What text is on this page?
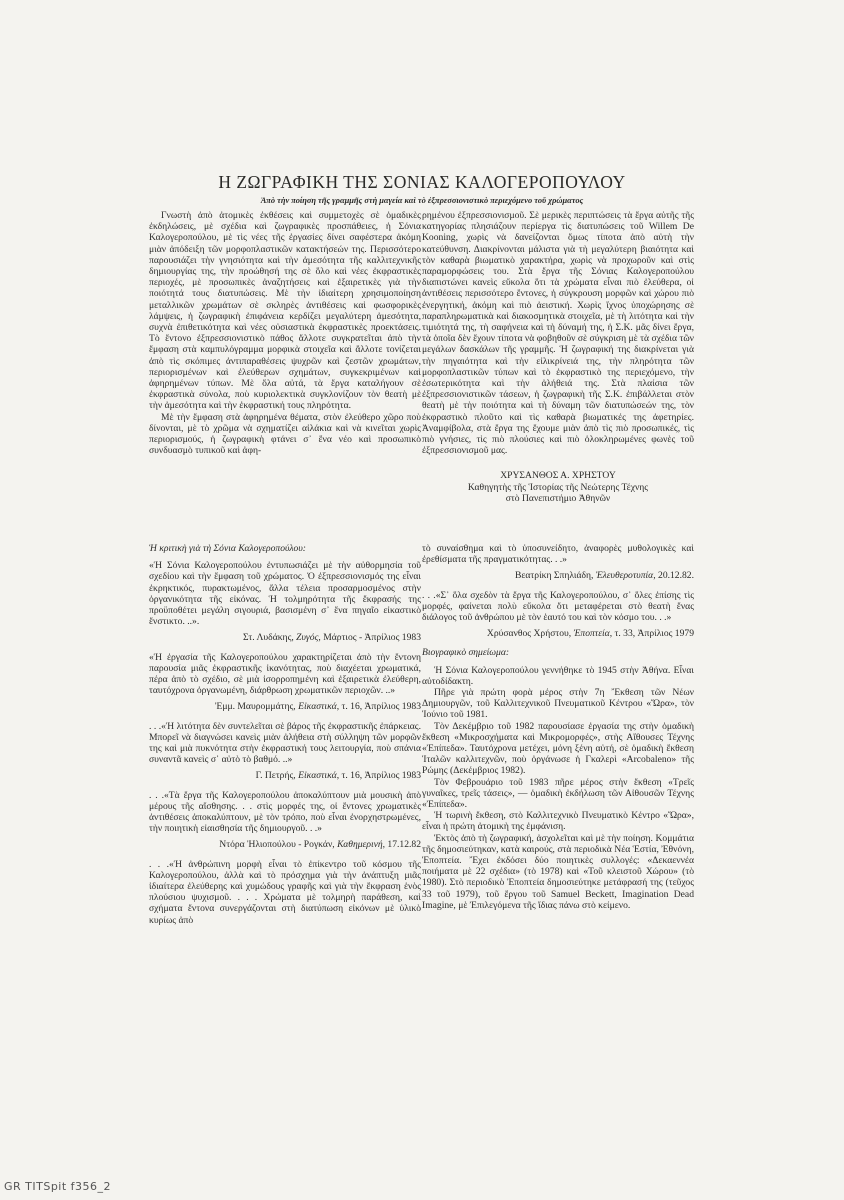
Η ΖΩΓΡΑΦΙΚΗ ΤΗΣ ΣΟΝΙΑΣ ΚΑΛΟΓΕΡΟΠΟΥΛΟΥ
Ἀπὸ τὴν ποίηση τῆς γραμμῆς στὴ μαγεία καὶ τὸ ἐξπρεσσιονιστικὸ περιεχόμενο τοῦ χρώματος

Γνωστὴ ἀπὸ ἀτομικὲς ἐκθέσεις καὶ συμμετοχὲς σὲ ὁμαδικὲς ἐκδηλώσεις, μὲ σχέδια καὶ ζωγραφικὲς προσπάθειες, ἡ Σόνια Καλογεροπούλου, μὲ τὶς νέες τῆς ἐργασίες δίνει σαφέστερα ἀκόμη μιὰν ἀπόδειξη τῶν μορφοπλαστικῶν κατακτήσεών της. Περισσότερο παρουσιάζει τὴν γνησιότητα καὶ τὴν ἀμεσότητα τῆς καλλιτεχνικῆς δημιουργίας της, τὴν προώθησή της σὲ ὅλο καὶ νέες ἐκφραστικὲς περιοχές, μὲ προσωπικὲς ἀναζητήσεις καὶ ἐξαιρετικὲς γιὰ τὴν ποιότητά τους διατυπώσεις. Μὲ τὴν ἰδιαίτερη χρησιμοποίηση μεταλλικῶν χρωμάτων σὲ σκληρὲς ἀντιθέσεις καὶ φωσφορικὲς λάμψεις, ἡ ζωγραφικὴ ἐπιφάνεια κερδίζει μεγαλύτερη ἀμεσότητα, συχνὰ ἐπιθετικότητα καὶ νέες οὐσιαστικὰ ἐκφραστικὲς προεκτάσεις. Τὸ ἔντονο ἐξπρεσσιονιστικὸ πάθος ἄλλοτε συγκρατεῖται ἀπὸ τὴν ἔμφαση στὰ καμπυλόγραμμα μορφικὰ στοιχεῖα καὶ ἄλλοτε τονίζεται ἀπὸ τὶς σκόπιμες ἀντιπαραθέσεις ψυχρῶν καὶ ζεστῶν χρωμάτων, περιορισμένων καὶ ἐλεύθερων σχημάτων, συγκεκριμένων καὶ ἀφηρημένων τύπων. Μὲ ὅλα αὐτά, τὰ ἔργα καταλήγουν σὲ ἐκφραστικὰ σύνολα, ποὺ κυριολεκτικὰ συγκλονίζουν τὸν θεατὴ μὲ τὴν ἀμεσότητα καὶ τὴν ἐκφραστική τους πληρότητα.

Μὲ τὴν ἔμφαση στὰ ἀφηρημένα θέματα, στὸν ἐλεύθερο χῶρο ποὺ δίνονται, μὲ τὸ χρῶμα νὰ σχηματίζει αἰλάκια καὶ νὰ κινεῖται χωρὶς περιορισμούς, ἡ ζωγραφικὴ φτάνει σ᾽ ἕνα νέο καὶ προσωπικὸ συνδυασμὸ τυπικοῦ καὶ ἀφη-

ρημένου ἐξπρεσσιονισμοῦ. Σὲ μερικὲς περιπτώσεις τὰ ἔργα αὐτῆς τῆς κατηγορίας πλησιάζουν περίεργα τὶς διατυπώσεις τοῦ Willem De Kooning, χωρὶς νὰ δανείζονται ὅμως τίποτα ἀπὸ αὐτὴ τὴν κατεύθυνση. Διακρίνονται μάλιστα γιὰ τὴ μεγαλύτερη βιαιότητα καὶ τὸν καθαρὰ βιωματικὸ χαρακτήρα, χωρὶς νὰ προχωροῦν καὶ στὶς παραμορφώσεις του. Στὰ ἔργα τῆς Σόνιας Καλογεροπούλου διαπιστώνει κανεὶς εὔκολα ὅτι τὰ χρώματα εἶναι πιὸ ἐλεύθερα, οἱ ἀντιθέσεις περισσότερο ἔντονες, ἡ σύγκρουση μορφῶν καὶ χώρου πιὸ ἐνεργητική, ἀκόμη καὶ πιὸ ἀειστική. Χωρὶς ἴχνος ὑποχώρησης σὲ παραπληρωματικὰ καὶ διακοσμητικὰ στοιχεῖα, μὲ τὴ λιτότητα καὶ τὴν τιμιότητά της, τὴ σαφήνεια καὶ τὴ δύναμή της, ἡ Σ.Κ. μᾶς δίνει ἔργα, τὰ ὁποῖα δὲν ἔχουν τίποτα νὰ φοβηθοῦν σὲ σύγκριση μὲ τὰ σχέδια τῶν μεγάλων δασκάλων τῆς γραμμῆς. Ἡ ζωγραφική της διακρίνεται γιὰ τὴν πηγαιότητα καὶ τὴν εἰλικρίνειά της, τὴν πληρότητα τῶν μορφοπλαστικῶν τύπων καὶ τὸ ἐκφραστικὸ της περιεχόμενο, τὴν ἐσωτερικότητα καὶ τὴν ἀλήθειά της. Στὰ πλαίσια τῶν ἐξπρεσσιονιστικῶν τάσεων, ἡ ζωγραφικὴ τῆς Σ.Κ. ἐπιβάλλεται στὸν θεατὴ μὲ τὴν ποιότητα καὶ τὴ δύναμη τῶν διατυπώσεών της, τὸν ἐκφραστικὸ πλοῦτο καὶ τὶς καθαρὰ βιωματικές της ἀφετηρίες. Ἀναμφίβολα, στὰ ἔργα της ἔχουμε μιὰν ἀπὸ τὶς πιὸ προσωπικές, τὶς πιὸ γνήσιες, τὶς πιὸ πλούσιες καὶ πιὸ ὁλοκληρωμένες φωνὲς τοῦ ἐξπρεσσιονισμοῦ μας.

ΧΡΥΣΑΝΘΟΣ Α. ΧΡΗΣΤΟΥ
Καθηγητὴς τῆς Ἱστορίας τῆς Νεώτερης Τέχνης
στὸ Πανεπιστήμιο Ἀθηνῶν

Ἡ κριτικὴ γιὰ τὴ Σόνια Καλογεροπούλου:

«Ἡ Σόνια Καλογεροπούλου ἐντυπωσιάζει μὲ τὴν αὐθορμησία τοῦ σχεδίου καὶ τὴν ἔμφαση τοῦ χρώματος. Ὁ ἐξπρεσσιονισμός της εἶναι ἐκρηκτικός, πυρακτωμένος, ἄλλα τέλεια προσαρμοσμένος στὴν ὀργανικότητα τῆς εἰκόνας. Ἡ τολμηρότητα τῆς ἔκφρασής της προϋποθέτει μεγάλη σιγουριά, βασισμένη σ᾽ ἕνα πηγαῖο εἰκαστικὸ ἔνστικτο. ..».

Στ. Λυδάκης, Ζυγός, Μάρτιος - Ἀπρίλιος 1983

«Ἡ ἐργασία τῆς Καλογεροπούλου χαρακτηρίζεται ἀπὸ τὴν ἔντονη παρουσία μιᾶς ἐκφραστικῆς ἱκανότητας, ποὺ διαχέεται χρωματικά, πέρα ἀπὸ τὸ σχέδιο, σὲ μιὰ ἰσορροπημένη καὶ ἐξαιρετικὰ ἐλεύθερη, ταυτόχρονα ὀργανωμένη, διάρθρωση χρωματικῶν περιοχῶν. ..»

Ἐμμ. Μαυρομμάτης, Εἰκαστικά, τ. 16, Ἀπρίλιος 1983

. . .«Ἡ λιτότητα δὲν συντελεῖται σὲ βάρος τῆς ἐκφραστικῆς ἐπάρκειας. Μπορεῖ νὰ διαγνώσει κανεὶς μιὰν ἀλήθεια στὴ σύλληψη τῶν μορφῶν της καὶ μιὰ πυκνότητα στὴν ἐκφραστική τους λειτουργία, ποὺ σπάνια συναντᾶ κανεὶς σ᾽ αὐτὸ τὸ βαθμό. ..»

Γ. Πετρής, Εἰκαστικά, τ. 16, Ἀπρίλιος 1983

. . .«Τὰ ἔργα τῆς Καλογεροπούλου ἀποκαλύπτουν μιὰ μουσικὴ ἀπὸ μέρους τῆς αἴσθησης. . . στὶς μορφές της, οἱ ἔντονες χρωματικὲς ἀντιθέσεις ἀποκαλύπτουν, μὲ τὸν τρόπο, ποὺ εἶναι ἐνορχηστρωμένες, τὴν ποιητικὴ εἰαισθησία τῆς δημιουργοῦ. . .»

Ντόρα Ἠλιοπούλου - Ρογκάν, Καθημερινή, 17.12.82

. . .«Ἡ ἀνθρώπινη μορφὴ εἶναι τὸ ἐπίκεντρο τοῦ κόσμου τῆς Καλογεροπούλου, ἀλλὰ καὶ τὸ πρόσχημα γιὰ τὴν ἀνάπτυξη μιᾶς ἰδιαίτερα ἐλεύθερης καὶ χυμώδους γραφῆς καὶ γιὰ τὴν ἔκφραση ἑνὸς πλούσιου ψυχισμοῦ. . . . Χρώματα μὲ τολμηρὴ παράθεση, καὶ σχήματα ἔντονα συνεργάζονται στὴ διατύπωση εἰκόνων μὲ ὑλικὸ κυρίως ἀπὸ

τὸ συναίσθημα καὶ τὸ ὑποσυνείδητο, ἀναφορὲς μυθολογικὲς καὶ ἐρεθίσματα τῆς πραγματικότητας. . .»

Βεατρίκη Σπηλιάδη, Ἐλευθεροτυπία, 20.12.82.

. . .«Σ᾽ ὅλα σχεδὸν τὰ ἔργα τῆς Καλογεροπούλου, σ᾽ ὅλες ἐπίσης τὶς μορφές, φαίνεται πολὺ εὔκολα ὅτι μεταφέρεται στὸ θεατὴ ἕνας διάλογος τοῦ ἀνθρώπου μὲ τὸν ἑαυτό του καὶ τὸν κόσμο του. . .»

Χρύσανθος Χρήστου, Ἐποπτεία, τ. 33, Ἀπρίλιος 1979

Βιογραφικὸ σημείωμα:

Ἡ Σόνια Καλογεροπούλου γεννήθηκε τὸ 1945 στὴν Ἀθήνα. Εἶναι αὐτοδίδακτη.

Πῆρε γιὰ πρώτη φορὰ μέρος στὴν 7η Ἔκθεση τῶν Νέων Δημιουργῶν, τοῦ Καλλιτεχνικοῦ Πνευματικοῦ Κέντρου «Ὥρα», τὸν Ἰούνιο τοῦ 1981.

Τὸν Δεκέμβριο τοῦ 1982 παρουσίασε ἐργασία της στὴν ὁμαδικὴ ἔκθεση «Μικροσχήματα καὶ Μικρομορφές», στὴς Αἴθουσες Τέχνης «Ἐπίπεδα». Ταυτόχρονα μετέχει, μόνη ξένη αὐτή, σὲ ὁμαδικὴ ἔκθεση Ἰταλῶν καλλιτεχνῶν, ποὺ ὀργάνωσε ἡ Γκαλερὶ «Arcobaleno» τῆς Ρώμης (Δεκέμβριος 1982).

Τὸν Φεβρουάριο τοῦ 1983 πῆρε μέρος στὴν ἔκθεση «Τρεῖς γυναῖκες, τρεῖς τάσεις», — ὁμαδικὴ ἐκδήλωση τῶν Αἰθουσῶν Τέχνης «Ἐπίπεδα».

Ἡ τωρινὴ ἔκθεση, στὸ Καλλιτεχνικὸ Πνευματικὸ Κέντρο «Ὥρα», εἶναι ἡ πρώτη ἀτομικὴ της ἐμφάνιση.

Ἐκτὸς ἀπὸ τὴ ζωγραφική, ἀσχολεῖται καὶ μὲ τὴν ποίηση. Κομμάτια τῆς δημοσιεύτηκαν, κατὰ καιρούς, στὰ περιοδικὰ Νέα Ἑστία, Ἐθνόνη, Ἐποπτεία. Ἔχει ἐκδόσει δύο ποιητικὲς συλλογές: «Δεκαεννέα ποιήματα μὲ 22 σχέδια» (τὸ 1978) καὶ «Τοῦ κλειστοῦ Χώρου» (τὸ 1980). Στὸ περιοδικὸ Ἐποπτεία δημοσιεύτηκε μετάφρασή της (τεῦχος 33 τοῦ 1979), τοῦ ἔργου τοῦ Samuel Beckett, Imagination Dead Imagine, μὲ Ἐπιλεγόμενα τῆς ἴδιας πάνω στὸ κείμενο.

GR TITSpit f356_2
